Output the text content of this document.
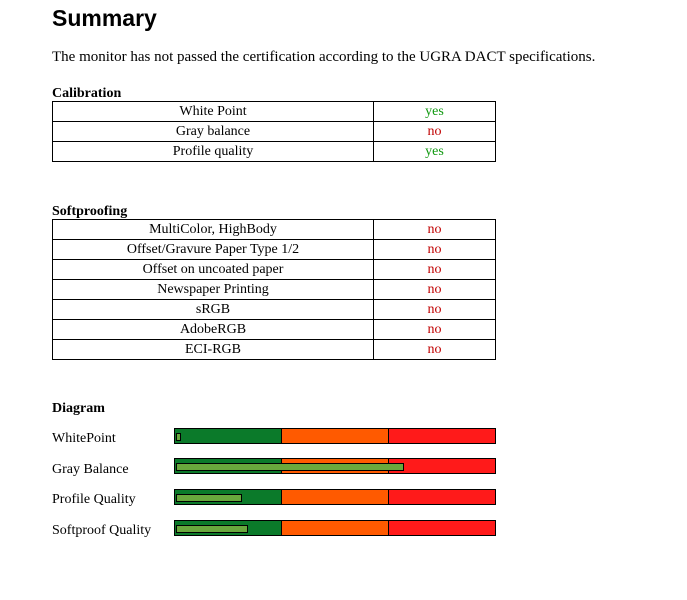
Summary

The monitor has not passed the certification according to the UGRA DACT specifications.

Calibration
White Point	yes
Gray balance	no
Profile quality	yes
Softproofing
MultiColor, HighBody	no
Offset/Gravure Paper Type 1/2	no
Offset on uncoated paper	no
Newspaper Printing	no
sRGB	no
AdobeRGB	no
ECI-RGB	no
Diagram
WhitePoint
Gray Balance
Profile Quality
Softproof Quality
